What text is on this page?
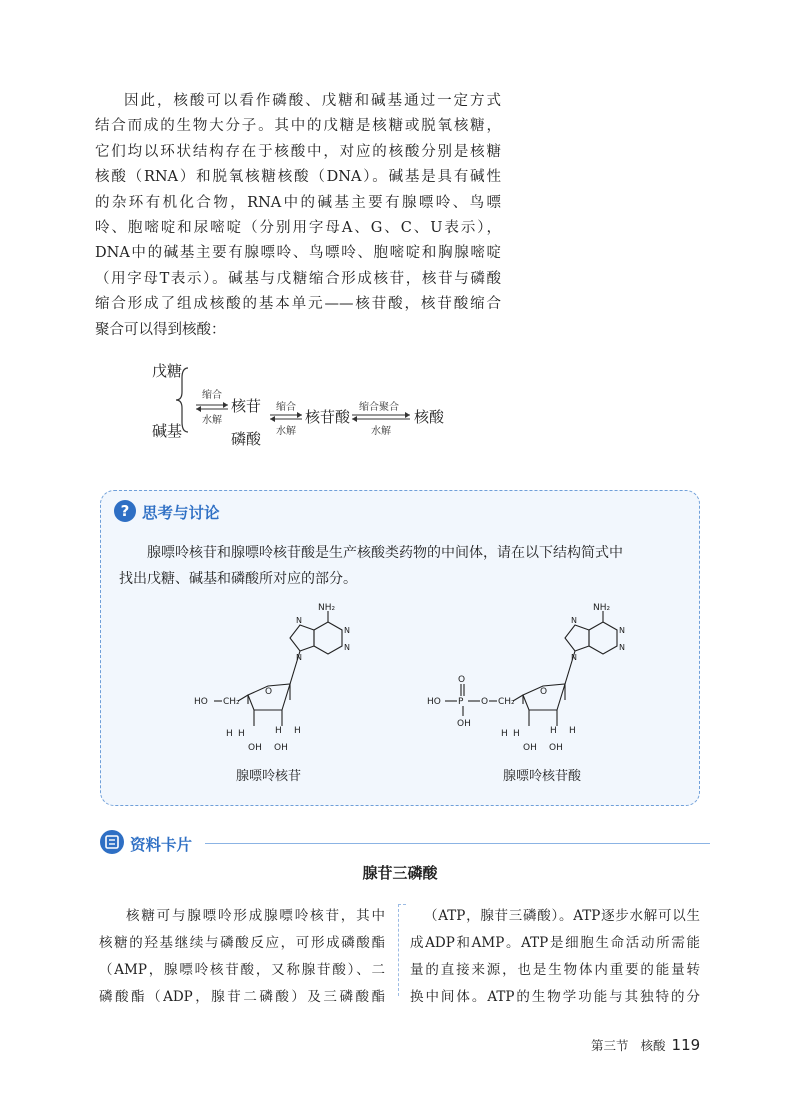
因此，核酸可以看作磷酸、戊糖和碱基通过一定方式
结合而成的生物大分子。其中的戊糖是核糖或脱氧核糖，
它们均以环状结构存在于核酸中，对应的核酸分别是核糖
核酸（RNA）和脱氧核糖核酸（DNA）。碱基是具有碱性
的杂环有机化合物，RNA中的碱基主要有腺嘌呤、鸟嘌
呤、胞嘧啶和尿嘧啶（分别用字母A、G、C、U表示），
DNA中的碱基主要有腺嘌呤、鸟嘌呤、胞嘧啶和胸腺嘧啶
（用字母T表示）。碱基与戊糖缩合形成核苷，核苷与磷酸
缩合形成了组成核酸的基本单元——核苷酸，核苷酸缩合
聚合可以得到核酸：
戊糖
碱基
缩合
水解
核苷
磷酸
缩合
水解
核苷酸
缩合聚合
水解
核酸
? 思考与讨论
腺嘌呤核苷和腺嘌呤核苷酸是生产核酸类药物的中间体，请在以下结构简式中
找出戊糖、碱基和磷酸所对应的部分。
NH₂
N
N
N
N
HO CH₂
O
H H	H H
OH OH
腺嘌呤核苷
NH₂
N
N
N
N
O
HO P O
OH
CH₂
O
H H	H H
OH OH
腺嘌呤核苷酸
资料卡片
腺苷三磷酸
核糖可与腺嘌呤形成腺嘌呤核苷，其中
核糖的羟基继续与磷酸反应，可形成磷酸酯
（AMP，腺嘌呤核苷酸，又称腺苷酸）、二
磷酸酯（ADP，腺苷二磷酸）及三磷酸酯
（ATP，腺苷三磷酸）。ATP逐步水解可以生
成ADP和AMP。ATP是细胞生命活动所需能
量的直接来源，也是生物体内重要的能量转
换中间体。ATP的生物学功能与其独特的分
第三节 核酸 119
